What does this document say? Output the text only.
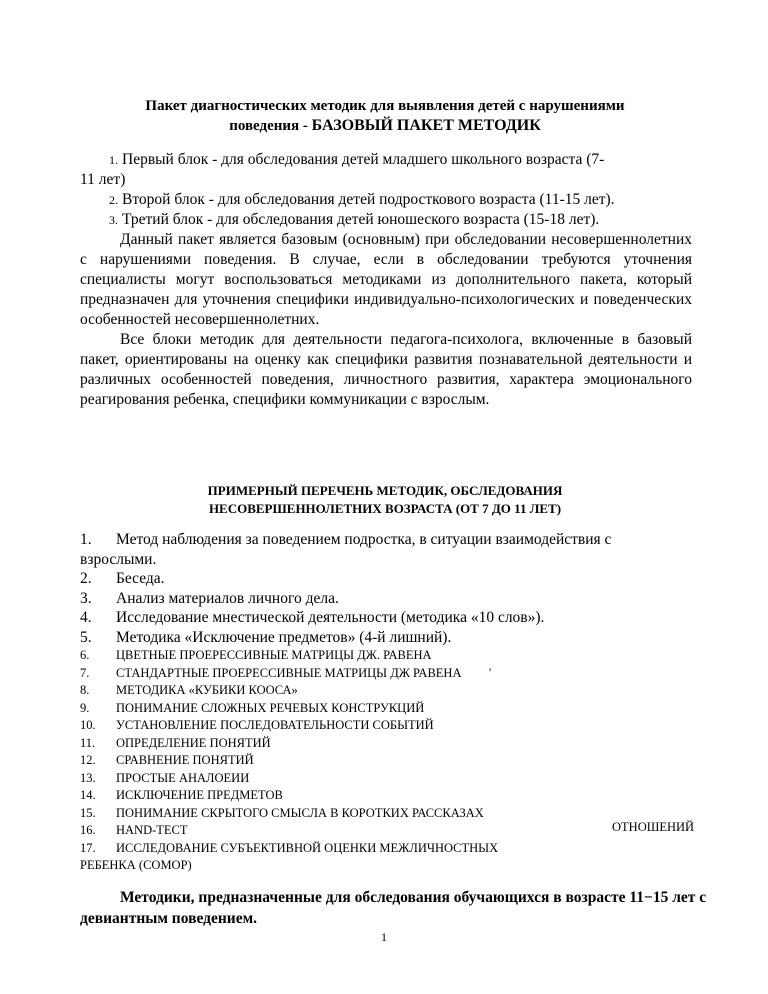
Пакет диагностических методик для выявления детей с нарушениями
поведения - БАЗОВЫЙ ПАКЕТ МЕТОДИК
1. Первый блок - для обследования детей младшего школьного возраста (7-
11 лет)
2. Второй блок - для обследования детей подросткового возраста (11-15 лет).
3. Третий блок - для обследования детей юношеского возраста (15-18 лет).
Данный пакет является базовым (основным) при обследовании несовершеннолетних с нарушениями поведения. В случае, если в обследовании требуются уточнения специалисты могут воспользоваться методиками из дополнительного пакета, который предназначен для уточнения специфики индивидуально-психологических и поведенческих особенностей несовершеннолетних.
Все блоки методик для деятельности педагога-психолога, включенные в базовый пакет, ориентированы на оценку как специфики развития познавательной деятельности и различных особенностей поведения, личностного развития, характера эмоционального реагирования ребенка, специфики коммуникации с взрослым.
ПРИМЕРНЫЙ ПЕРЕЧЕНЬ МЕТОДИК, ОБСЛЕДОВАНИЯ
НЕСОВЕРШЕННОЛЕТНИХ ВОЗРАСТА (ОТ 7 ДО 11 ЛЕТ)
1. Метод наблюдения за поведением подростка, в ситуации взаимодействия с
взрослыми.
2. Беседа.
3. Анализ материалов личного дела.
4. Исследование мнестической деятельности (методика «10 слов»).
5. Методика «Исключение предметов» (4-й лишний).
6. ЦВЕТНЫЕ ПРОЕРЕССИВНЫЕ МАТРИЦЫ ДЖ. РАВЕНА
7. СТАНДАРТНЫЕ ПРОЕРЕССИВНЫЕ МАТРИЦЫ ДЖ РАВЕНА
8. МЕТОДИКА «КУБИКИ КООСА»
9. ПОНИМАНИЕ СЛОЖНЫХ РЕЧЕВЫХ КОНСТРУКЦИЙ
10. УСТАНОВЛЕНИЕ ПОСЛЕДОВАТЕЛЬНОСТИ СОБЫТИЙ
11. ОПРЕДЕЛЕНИЕ ПОНЯТИЙ
12. СРАВНЕНИЕ ПОНЯТИЙ
13. ПРОСТЫЕ АНАЛОЕИИ
14. ИСКЛЮЧЕНИЕ ПРЕДМЕТОВ
15. ПОНИМАНИЕ СКРЫТОГО СМЫСЛА В КОРОТКИХ РАССКАЗАХ
16. HAND-ТЕСТ
17. ИССЛЕДОВАНИЕ СУБЪЕКТИВНОЙ ОЦЕНКИ МЕЖЛИЧНОСТНЫХ
РЕБЕНКА (СОМОР)
'
ОТНОШЕНИЙ
Методики, предназначенные для обследования обучающихся в возрасте 11−15 лет с девиантным поведением.
1
